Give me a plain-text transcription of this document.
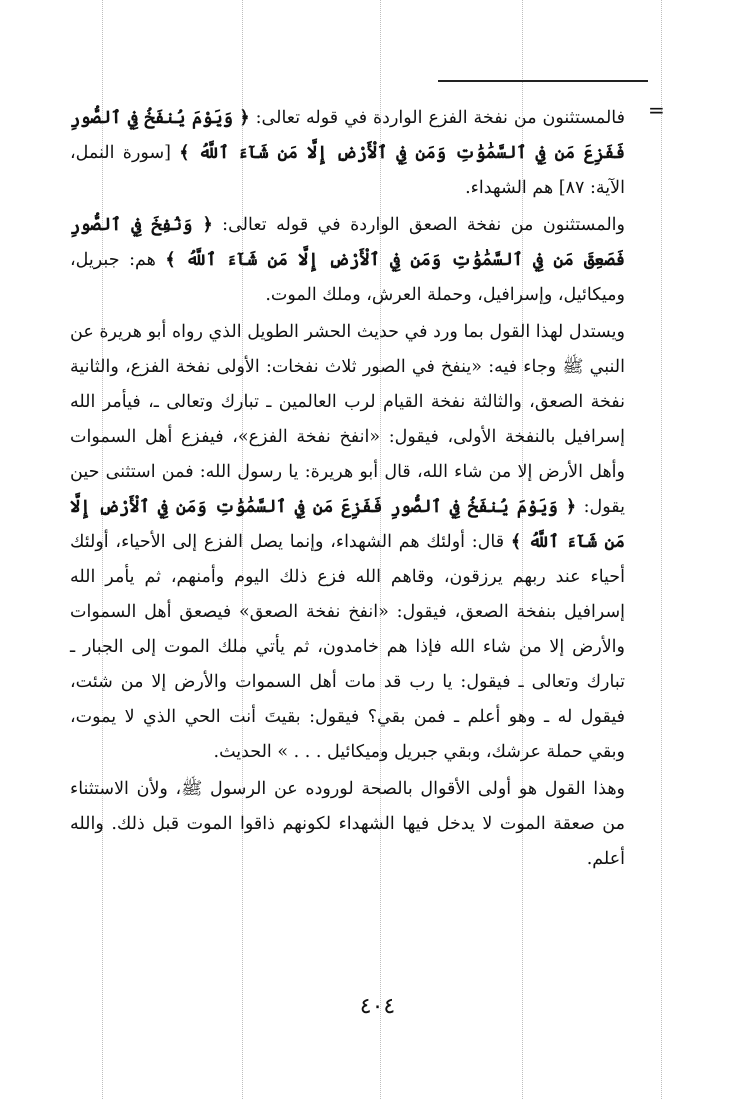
=

فالمستثنون من نفخة الفزع الواردة في قوله تعالى: ﴿ وَيَوْمَ يُنفَخُ فِي ٱلصُّورِ فَفَزِعَ مَن فِي ٱلسَّمَٰوَٰتِ وَمَن فِي ٱلْأَرْضِ إِلَّا مَن شَآءَ ٱللَّهُ ﴾ [سورة النمل، الآية: ٨٧] هم الشهداء.

والمستثنون من نفخة الصعق الواردة في قوله تعالى: ﴿ وَنُفِخَ فِي ٱلصُّورِ فَصَعِقَ مَن فِي ٱلسَّمَٰوَٰتِ وَمَن فِي ٱلْأَرْضِ إِلَّا مَن شَآءَ ٱللَّهُ ﴾ هم: جبريل، وميكائيل، وإسرافيل، وحملة العرش، وملك الموت.

ويستدل لهذا القول بما ورد في حديث الحشر الطويل الذي رواه أبو هريرة عن النبي ﷺ وجاء فيه: «ينفخ في الصور ثلاث نفخات: الأولى نفخة الفزع، والثانية نفخة الصعق، والثالثة نفخة القيام لرب العالمين ـ تبارك وتعالى ـ، فيأمر الله إسرافيل بالنفخة الأولى، فيقول: «انفخ نفخة الفزع»، فيفزع أهل السموات وأهل الأرض إلا من شاء الله، قال أبو هريرة: يا رسول الله: فمن استثنى حين يقول: ﴿ وَيَوْمَ يُنفَخُ فِي ٱلصُّورِ فَفَزِعَ مَن فِي ٱلسَّمَٰوَٰتِ وَمَن فِي ٱلْأَرْضِ إِلَّا مَن شَآءَ ٱللَّهُ ﴾ قال: أولئك هم الشهداء، وإنما يصل الفزع إلى الأحياء، أولئك أحياء عند ربهم يرزقون، وقاهم الله فزع ذلك اليوم وأمنهم، ثم يأمر الله إسرافيل بنفخة الصعق، فيقول: «انفخ نفخة الصعق» فيصعق أهل السموات والأرض إلا من شاء الله فإذا هم خامدون، ثم يأتي ملك الموت إلى الجبار ـ تبارك وتعالى ـ فيقول: يا رب قد مات أهل السموات والأرض إلا من شئت، فيقول له ـ وهو أعلم ـ فمن بقي؟ فيقول: بقيتَ أنت الحي الذي لا يموت، وبقي حملة عرشك، وبقي جبريل وميكائيل . . . » الحديث.

وهذا القول هو أولى الأقوال بالصحة لوروده عن الرسول ﷺ، ولأن الاستثناء من صعقة الموت لا يدخل فيها الشهداء لكونهم ذاقوا الموت قبل ذلك. والله أعلم.

٤٠٤
